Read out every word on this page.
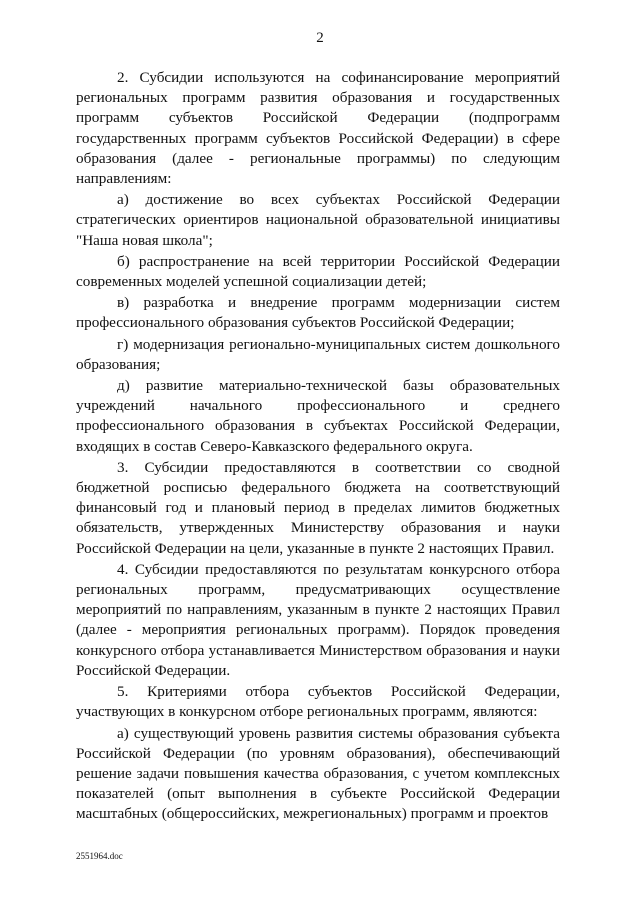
2

2. Субсидии используются на софинансирование мероприятий региональных программ развития образования и государственных программ субъектов Российской Федерации (подпрограмм государственных программ субъектов Российской Федерации) в сфере образования (далее - региональные программы) по следующим направлениям:

а) достижение во всех субъектах Российской Федерации стратегических ориентиров национальной образовательной инициативы "Наша новая школа";

б) распространение на всей территории Российской Федерации современных моделей успешной социализации детей;

в) разработка и внедрение программ модернизации систем профессионального образования субъектов Российской Федерации;

г) модернизация регионально-муниципальных систем дошкольного образования;

д) развитие материально-технической базы образовательных учреждений начального профессионального и среднего профессионального образования в субъектах Российской Федерации, входящих в состав Северо-Кавказского федерального округа.

3. Субсидии предоставляются в соответствии со сводной бюджетной росписью федерального бюджета на соответствующий финансовый год и плановый период в пределах лимитов бюджетных обязательств, утвержденных Министерству образования и науки Российской Федерации на цели, указанные в пункте 2 настоящих Правил.

4. Субсидии предоставляются по результатам конкурсного отбора региональных программ, предусматривающих осуществление мероприятий по направлениям, указанным в пункте 2 настоящих Правил (далее - мероприятия региональных программ). Порядок проведения конкурсного отбора устанавливается Министерством образования и науки Российской Федерации.

5. Критериями отбора субъектов Российской Федерации, участвующих в конкурсном отборе региональных программ, являются:

а) существующий уровень развития системы образования субъекта Российской Федерации (по уровням образования), обеспечивающий решение задачи повышения качества образования, с учетом комплексных показателей (опыт выполнения в субъекте Российской Федерации масштабных (общероссийских, межрегиональных) программ и проектов

2551964.doc
